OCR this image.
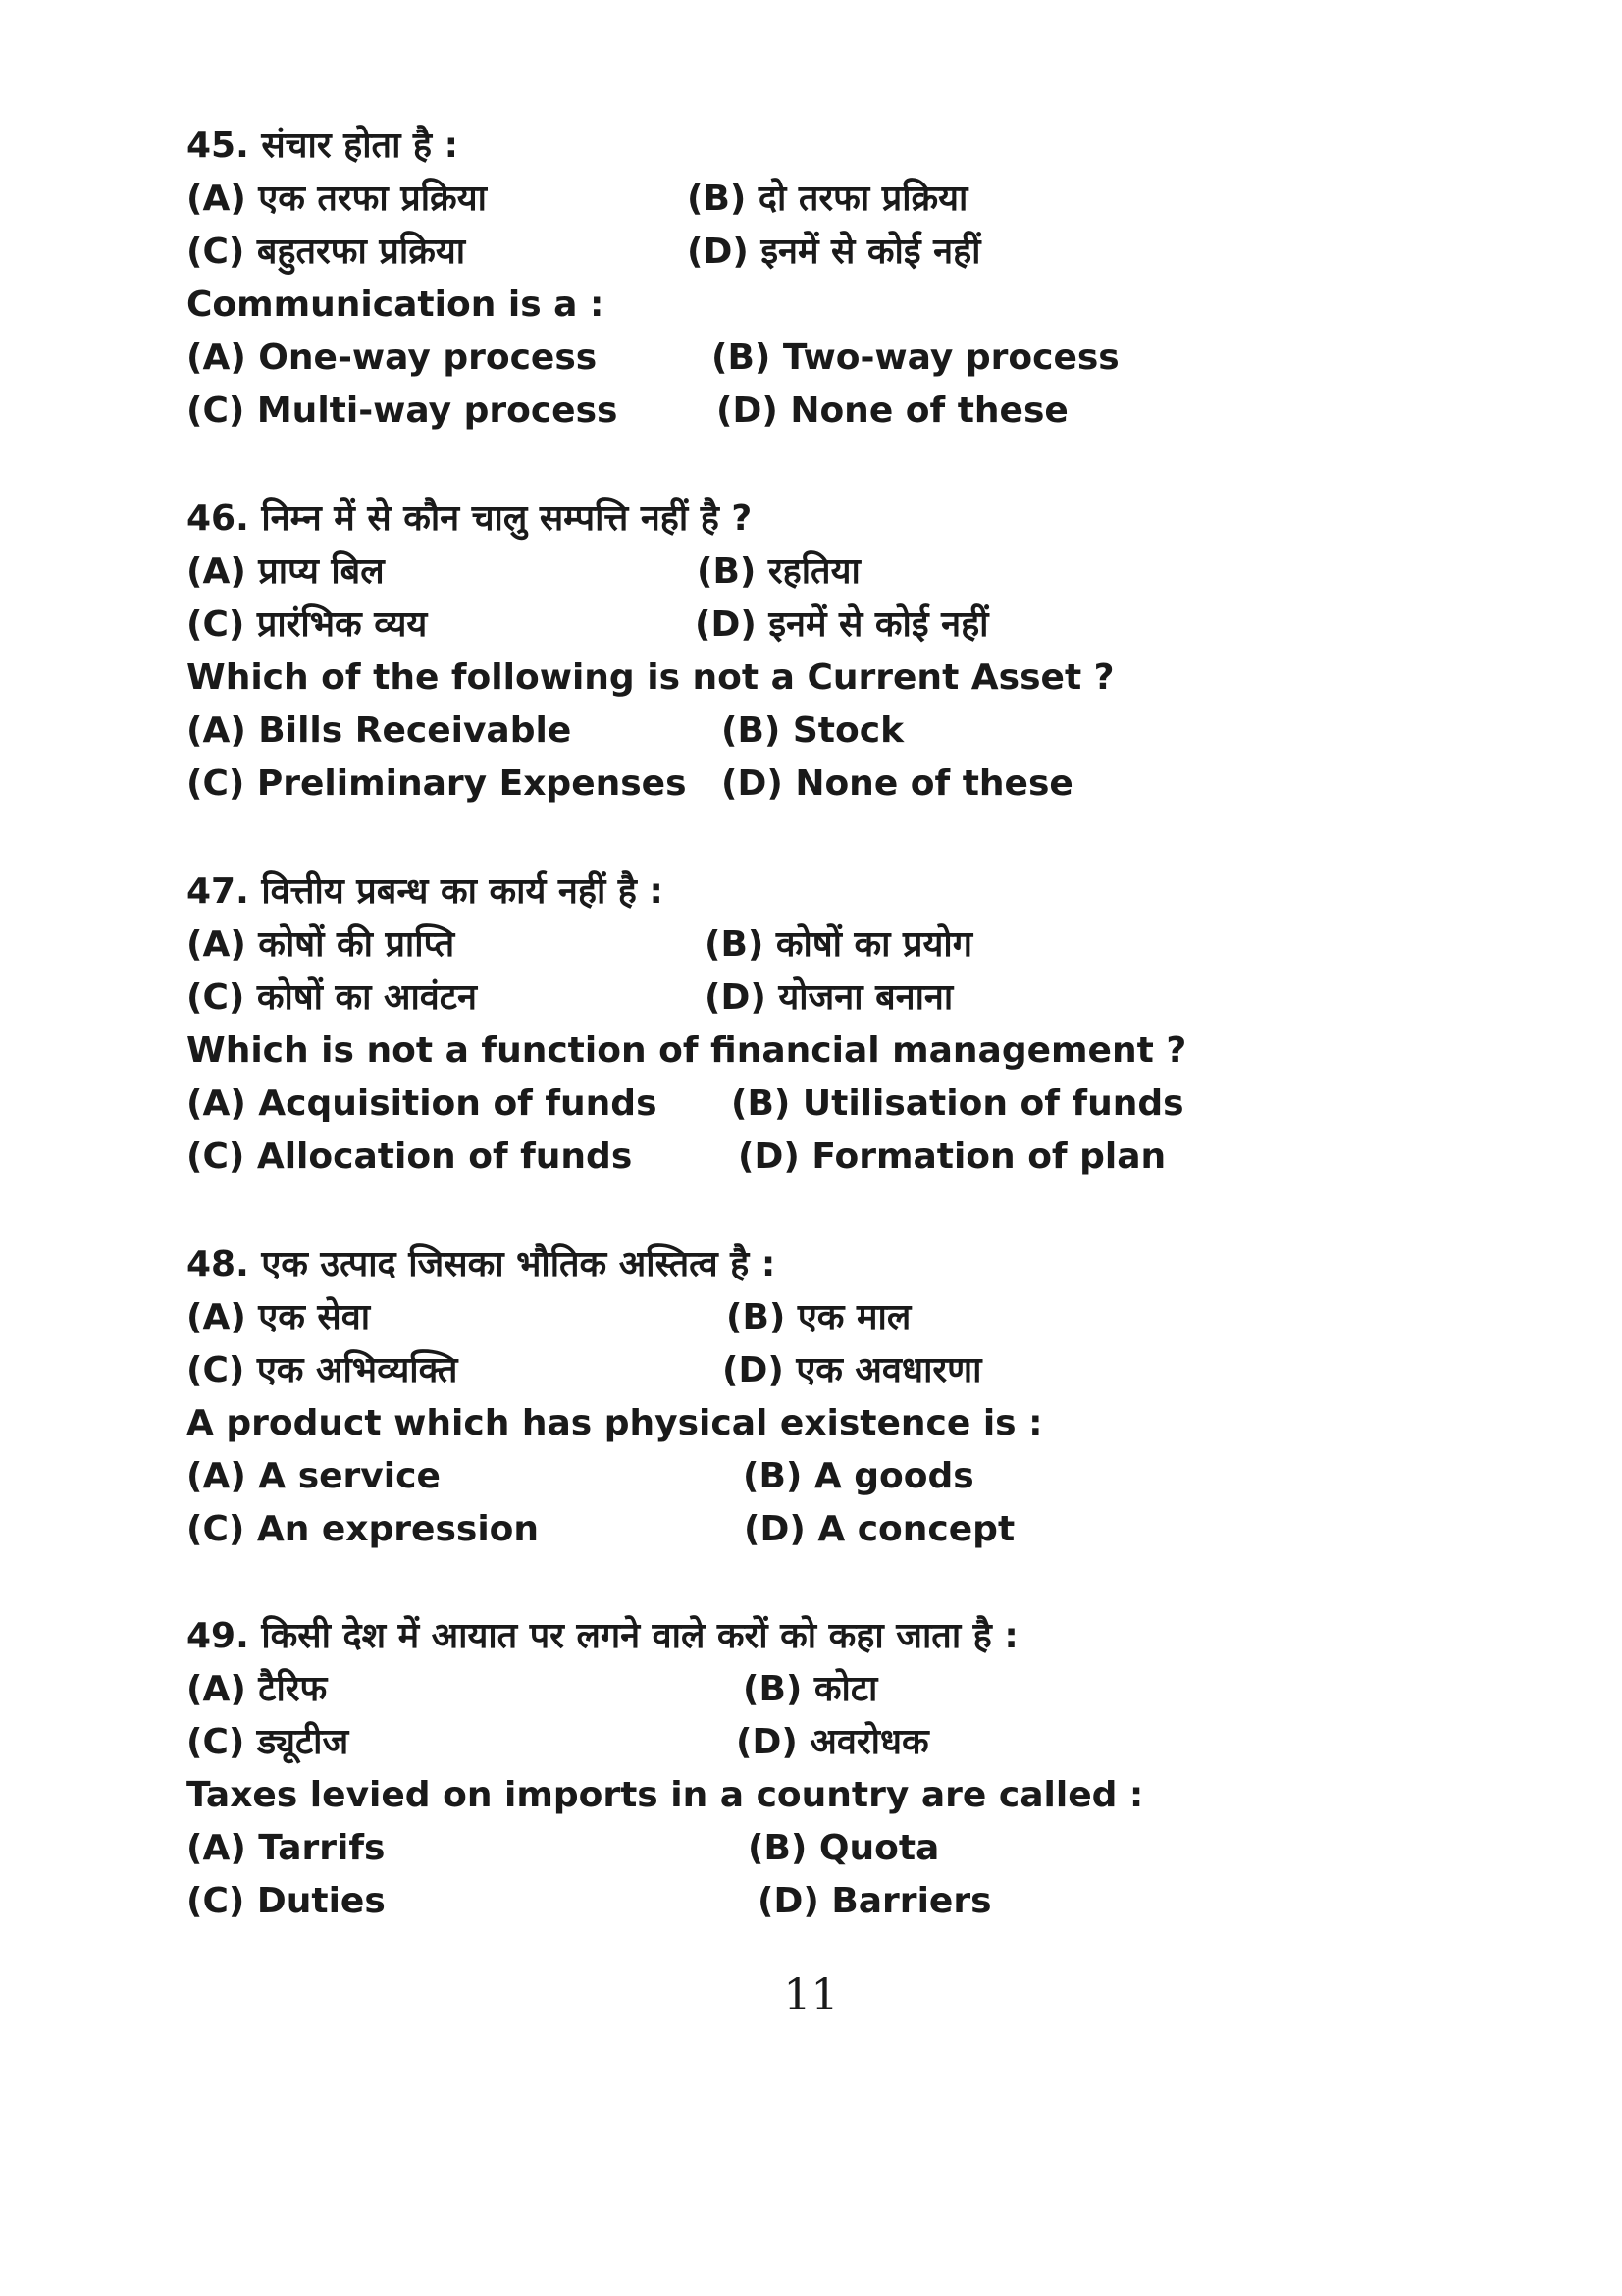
45. संचार होता है :
(A) एक तरफा प्रक्रिया	(B) दो तरफा प्रक्रिया
(C) बहुतरफा प्रक्रिया	(D) इनमें से कोई नहीं
Communication is a :
(A) One-way process	(B) Two-way process
(C) Multi-way process	(D) None of these
46. निम्न में से कौन चालु सम्पत्ति नहीं है ?
(A) प्राप्य बिल	(B) रहतिया
(C) प्रारंभिक व्यय	(D) इनमें से कोई नहीं
Which of the following is not a Current Asset ?
(A) Bills Receivable	(B) Stock
(C) Preliminary Expenses (D) None of these
47. वित्तीय प्रबन्ध का कार्य नहीं है :
(A) कोषों की प्राप्ति	(B) कोषों का प्रयोग
(C) कोषों का आवंटन	(D) योजना बनाना
Which is not a function of financial management ?
(A) Acquisition of funds (B) Utilisation of funds
(C) Allocation of funds	(D) Formation of plan
48. एक उत्पाद जिसका भौतिक अस्तित्व है :
(A) एक सेवा	(B) एक माल
(C) एक अभिव्यक्ति	(D) एक अवधारणा
A product which has physical existence is :
(A) A service	(B) A goods
(C) An expression	(D) A concept
49. किसी देश में आयात पर लगने वाले करों को कहा जाता है :
(A) टैरिफ	(B) कोटा
(C) ड्यूटीज	(D) अवरोधक
Taxes levied on imports in a country are called :
(A) Tarrifs	(B) Quota
(C) Duties	(D) Barriers
11
